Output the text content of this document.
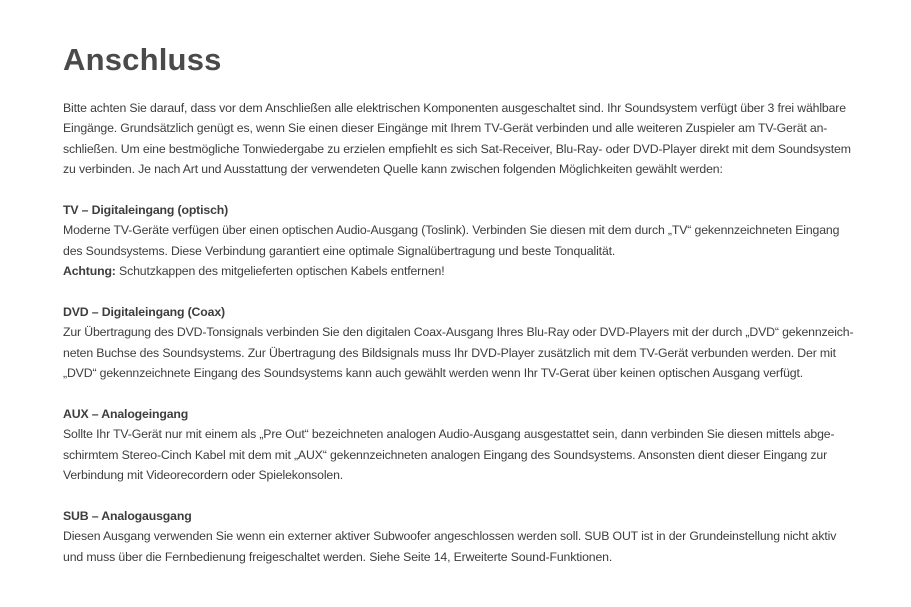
Anschluss

Bitte achten Sie darauf, dass vor dem Anschließen alle elektrischen Komponenten ausgeschaltet sind. Ihr Soundsystem verfügt über 3 frei wählbare
Eingänge. Grundsätzlich genügt es, wenn Sie einen dieser Eingänge mit Ihrem TV-Gerät verbinden und alle weiteren Zuspieler am TV-Gerät an-
schließen. Um eine bestmögliche Tonwiedergabe zu erzielen empfiehlt es sich Sat-Receiver, Blu-Ray- oder DVD-Player direkt mit dem Soundsystem
zu verbinden. Je nach Art und Ausstattung der verwendeten Quelle kann zwischen folgenden Möglichkeiten gewählt werden:

TV – Digitaleingang (optisch)
Moderne TV-Geräte verfügen über einen optischen Audio-Ausgang (Toslink). Verbinden Sie diesen mit dem durch „TV“ gekennzeichneten Eingang
des Soundsystems. Diese Verbindung garantiert eine optimale Signalübertragung und beste Tonqualität.
Achtung: Schutzkappen des mitgelieferten optischen Kabels entfernen!
DVD – Digitaleingang (Coax)
Zur Übertragung des DVD-Tonsignals verbinden Sie den digitalen Coax-Ausgang Ihres Blu-Ray oder DVD-Players mit der durch „DVD“ gekennzeich-
neten Buchse des Soundsystems. Zur Übertragung des Bildsignals muss Ihr DVD-Player zusätzlich mit dem TV-Gerät verbunden werden. Der mit
„DVD“ gekennzeichnete Eingang des Soundsystems kann auch gewählt werden wenn Ihr TV-Gerat über keinen optischen Ausgang verfügt.
AUX – Analogeingang
Sollte Ihr TV-Gerät nur mit einem als „Pre Out“ bezeichneten analogen Audio-Ausgang ausgestattet sein, dann verbinden Sie diesen mittels abge-
schirmtem Stereo-Cinch Kabel mit dem mit „AUX“ gekennzeichneten analogen Eingang des Soundsystems. Ansonsten dient dieser Eingang zur
Verbindung mit Videorecordern oder Spielekonsolen.
SUB – Analogausgang
Diesen Ausgang verwenden Sie wenn ein externer aktiver Subwoofer angeschlossen werden soll. SUB OUT ist in der Grundeinstellung nicht aktiv
und muss über die Fernbedienung freigeschaltet werden. Siehe Seite 14, Erweiterte Sound-Funktionen.
